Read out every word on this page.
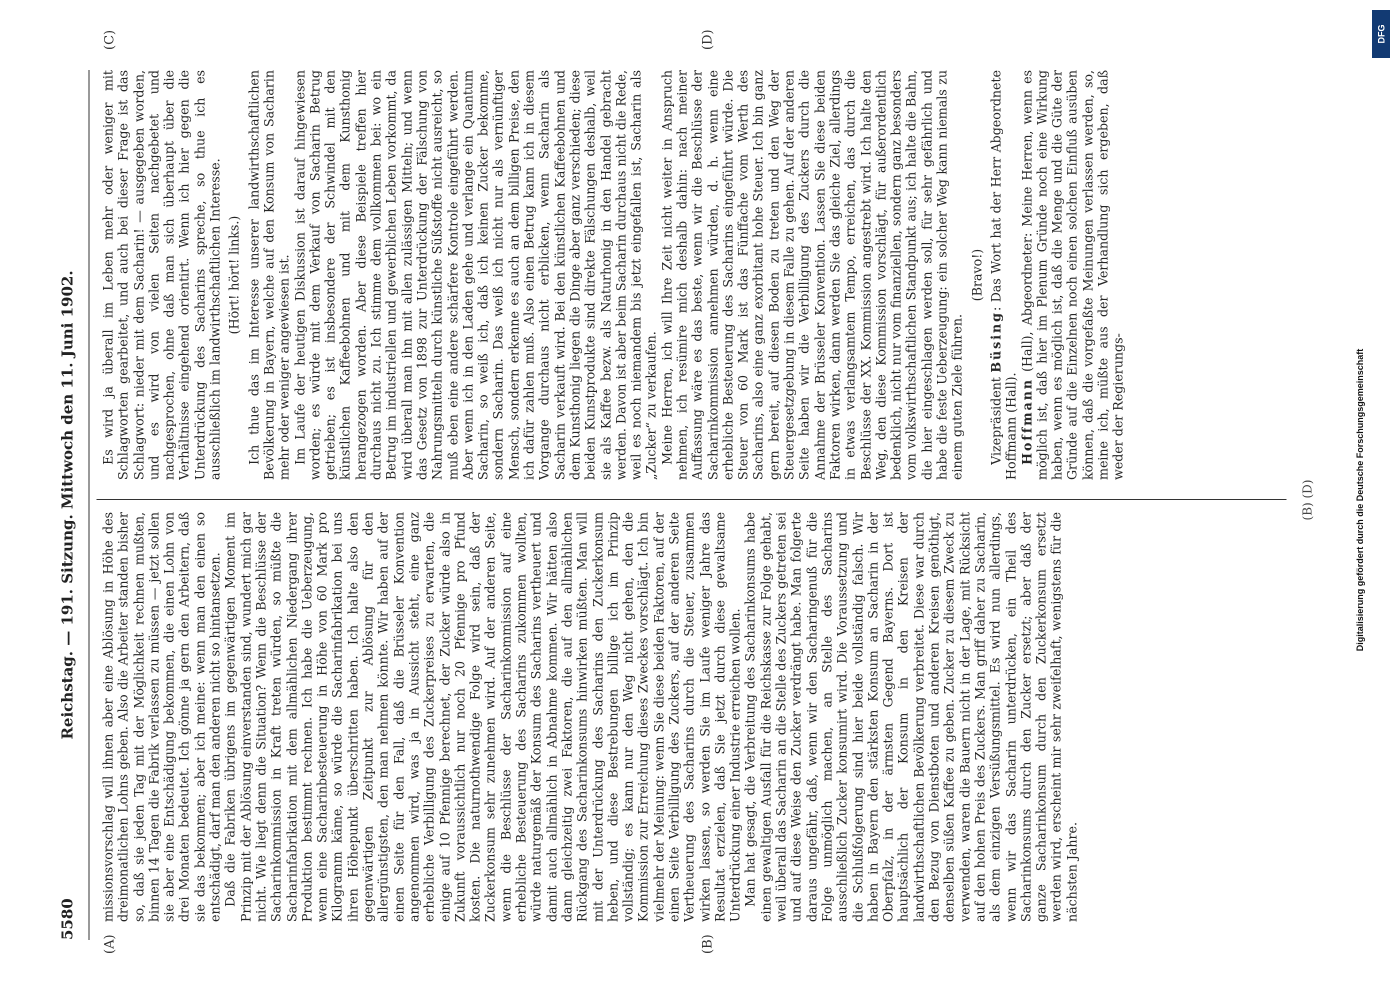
5580
Reichstag. — 191. Sitzung. Mittwoch den 11. Juni 1902.
(A)	(B)
(C)	(D)

missionsvorschlag will ihnen aber eine Ablösung in Höhe des dreimonatlichen Lohns geben. Also die Arbeiter standen bisher so, daß sie jeden Tag mit der Möglichkeit rechnen mußten, binnen 14 Tagen die Fabrik verlassen zu müssen — jetzt sollen sie aber eine Entschädigung bekommen, die einen Lohn von drei Monaten bedeutet. Ich gönne ja gern den Arbeitern, daß sie das bekommen; aber ich meine: wenn man den einen so entschädigt, darf man den anderen nicht so hintansetzen. Daß die Fabriken übrigens im gegenwärtigen Moment im Prinzip mit der Ablösung einverstanden sind, wundert mich gar nicht. Wie liegt denn die Situation? Wenn die Beschlüsse der Sacharinkommission in Kraft treten würden, so müßte die Sacharinfabrikation mit dem allmählichen Niedergang ihrer Produktion bestimmt rechnen. Ich habe die Ueberzeugung, wenn eine Sacharinbesteuerung in Höhe von 60 Mark pro Kilogramm käme, so würde die Sacharinfabrikation bei uns ihren Höhepunkt überschritten haben. Ich halte also den gegenwärtigen Zeitpunkt zur Ablösung für den allergünstigsten, den man nehmen könnte. Wir haben auf der einen Seite für den Fall, daß die Brüsseler Konvention angenommen wird, was ja in Aussicht steht, eine ganz erhebliche Verbilligung des Zuckerpreises zu erwarten, die einige auf 10 Pfennige berechnet, der Zucker würde also in Zukunft voraussichtlich nur noch 20 Pfennige pro Pfund kosten. Die naturnothwendige Folge wird sein, daß der Zuckerkonsum sehr zunehmen wird. Auf der anderen Seite, wenn die Beschlüsse der Sacharinkommission auf eine erhebliche Besteuerung des Sacharins zukommen wollten, würde naturgemäß der Konsum des Sacharins vertheuert und damit auch allmählich in Abnahme kommen. Wir hätten also dann gleichzeitig zwei Faktoren, die auf den allmählichen Rückgang des Sacharinkonsums hinwirken müßten. Man will mit der Unterdrückung des Sacharins den Zuckerkonsum heben, und diese Bestrebungen billige ich im Prinzip vollständig; es kann nur den Weg nicht gehen, den die Kommission zur Erreichung dieses Zweckes vorschlägt. Ich bin vielmehr der Meinung: wenn Sie diese beiden Faktoren, auf der einen Seite Verbilligung des Zuckers, auf der anderen Seite Vertheuerung des Sacharins durch die Steuer, zusammen wirken lassen, so werden Sie im Laufe weniger Jahre das Resultat erzielen, daß Sie jetzt durch diese gewaltsame Unterdrückung einer Industrie erreichen wollen. Man hat gesagt, die Verbreitung des Sacharinkonsums habe einen gewaltigen Ausfall für die Reichskasse zur Folge gehabt, weil überall das Sacharin an die Stelle des Zuckers getreten sei und auf diese Weise den Zucker verdrängt habe. Man folgerte daraus ungefähr, daß, wenn wir den Sacharingenuß für die Folge unmöglich machen, an Stelle des Sacharins ausschließlich Zucker konsumirt wird. Die Voraussetzung und die Schlußfolgerung sind hier beide vollständig falsch. Wir haben in Bayern den stärksten Konsum an Sacharin in der Oberpfalz, in der ärmsten Gegend Bayerns. Dort ist hauptsächlich der Konsum in den Kreisen der landwirthschaftlichen Bevölkerung verbreitet. Diese war durch den Bezug von Dienstboten und anderen Kreisen genöthigt, denselben süßen Kaffee zu geben. Zucker zu diesem Zweck zu verwenden, waren die Bauern nicht in der Lage, mit Rücksicht auf den hohen Preis des Zuckers. Man griff daher zu Sacharin, als dem einzigen Versüßungsmittel. Es wird nun allerdings, wenn wir das Sacharin unterdrücken, ein Theil des Sacharinkonsums durch den Zucker ersetzt; aber daß der ganze Sacharinkonsum durch den Zuckerkonsum ersetzt werden wird, erscheint mir sehr zweifelhaft, wenigstens für die nächsten Jahre.

Es wird ja überall im Leben mehr oder weniger mit Schlagworten gearbeitet, und auch bei dieser Frage ist das Schlagwort: nieder mit dem Sacharin! — ausgegeben worden, und es wird von vielen Seiten nachgebetet und nachgesprochen, ohne daß man sich überhaupt über die Verhältnisse eingehend orientirt. Wenn ich hier gegen die Unterdrückung des Sacharins spreche, so thue ich es ausschließlich im landwirthschaftlichen Interesse. (Hört! hört! links.) Ich thue das im Interesse unserer landwirthschaftlichen Bevölkerung in Bayern, welche auf den Konsum von Sacharin mehr oder weniger angewiesen ist. Im Laufe der heutigen Diskussion ist darauf hingewiesen worden; es würde mit dem Verkauf von Sacharin Betrug getrieben; es ist insbesondere der Schwindel mit den künstlichen Kaffeebohnen und mit dem Kunsthonig herangezogen worden. Aber diese Beispiele treffen hier durchaus nicht zu. Ich stimme dem vollkommen bei: wo ein Betrug im industriellen und gewerblichen Leben vorkommt, da wird überall man ihn mit allen zulässigen Mitteln; und wenn das Gesetz von 1898 zur Unterdrückung der Fälschung von Nahrungsmitteln durch künstliche Süßstoffe nicht ausreicht, so muß eben eine andere schärfere Kontrole eingeführt werden. Aber wenn ich in den Laden gehe und verlange ein Quantum Sacharin, so weiß ich, daß ich keinen Zucker bekomme, sondern Sacharin. Das weiß ich nicht nur als vernünftiger Mensch, sondern erkenne es auch an dem billigen Preise, den ich dafür zahlen muß. Also einen Betrug kann ich in diesem Vorgange durchaus nicht erblicken, wenn Sacharin als Sacharin verkauft wird. Bei den künstlichen Kaffeebohnen und dem Kunsthonig liegen die Dinge aber ganz verschieden; diese beiden Kunstprodukte sind direkte Fälschungen deshalb, weil sie als Kaffee bezw. als Naturhonig in den Handel gebracht werden. Davon ist aber beim Sacharin durchaus nicht die Rede, weil es noch niemandem bis jetzt eingefallen ist, Sacharin als „Zucker“ zu verkaufen. Meine Herren, ich will Ihre Zeit nicht weiter in Anspruch nehmen, ich resümire mich deshalb dahin: nach meiner Auffassung wäre es das beste, wenn wir die Beschlüsse der Sacharinkommission annehmen würden, d. h. wenn eine erhebliche Besteuerung des Sacharins eingeführt würde. Die Steuer von 60 Mark ist das Fünffache vom Werth des Sacharins, also eine ganz exorbitant hohe Steuer. Ich bin ganz gern bereit, auf diesen Boden zu treten und den Weg der Steuergesetzgebung in diesem Falle zu gehen. Auf der anderen Seite haben wir die Verbilligung des Zuckers durch die Annahme der Brüsseler Konvention. Lassen Sie diese beiden Faktoren wirken, dann werden Sie das gleiche Ziel, allerdings in etwas verlangsamtem Tempo, erreichen, das durch die Beschlüsse der XX. Kommission angestrebt wird. Ich halte den Weg, den diese Kommission vorschlägt, für außerordentlich bedenklich, nicht nur vom finanziellen, sondern ganz besonders vom volkswirthschaftlichen Standpunkt aus; ich halte die Bahn, die hier eingeschlagen werden soll, für sehr gefährlich und habe die feste Ueberzeugung: ein solcher Weg kann niemals zu einem guten Ziele führen.

(Bravo!)

Vizepräsident Büsing: Das Wort hat der Herr Abgeordnete Hoffmann (Hall). Hoffmann (Hall), Abgeordneter: Meine Herren, wenn es möglich ist, daß hier im Plenum Gründe noch eine Wirkung haben, wenn es möglich ist, daß die Menge und die Güte der Gründe auf die Einzelnen noch einen solchen Einfluß ausüben können, daß die vorgefaßte Meinungen verlassen werden, so, meine ich, müßte aus der Verhandlung sich ergeben, daß weder der Regierungs-

(B) (D)	Digitalisierung gefördert durch die Deutsche Forschungsgemeinschaft
DFG
